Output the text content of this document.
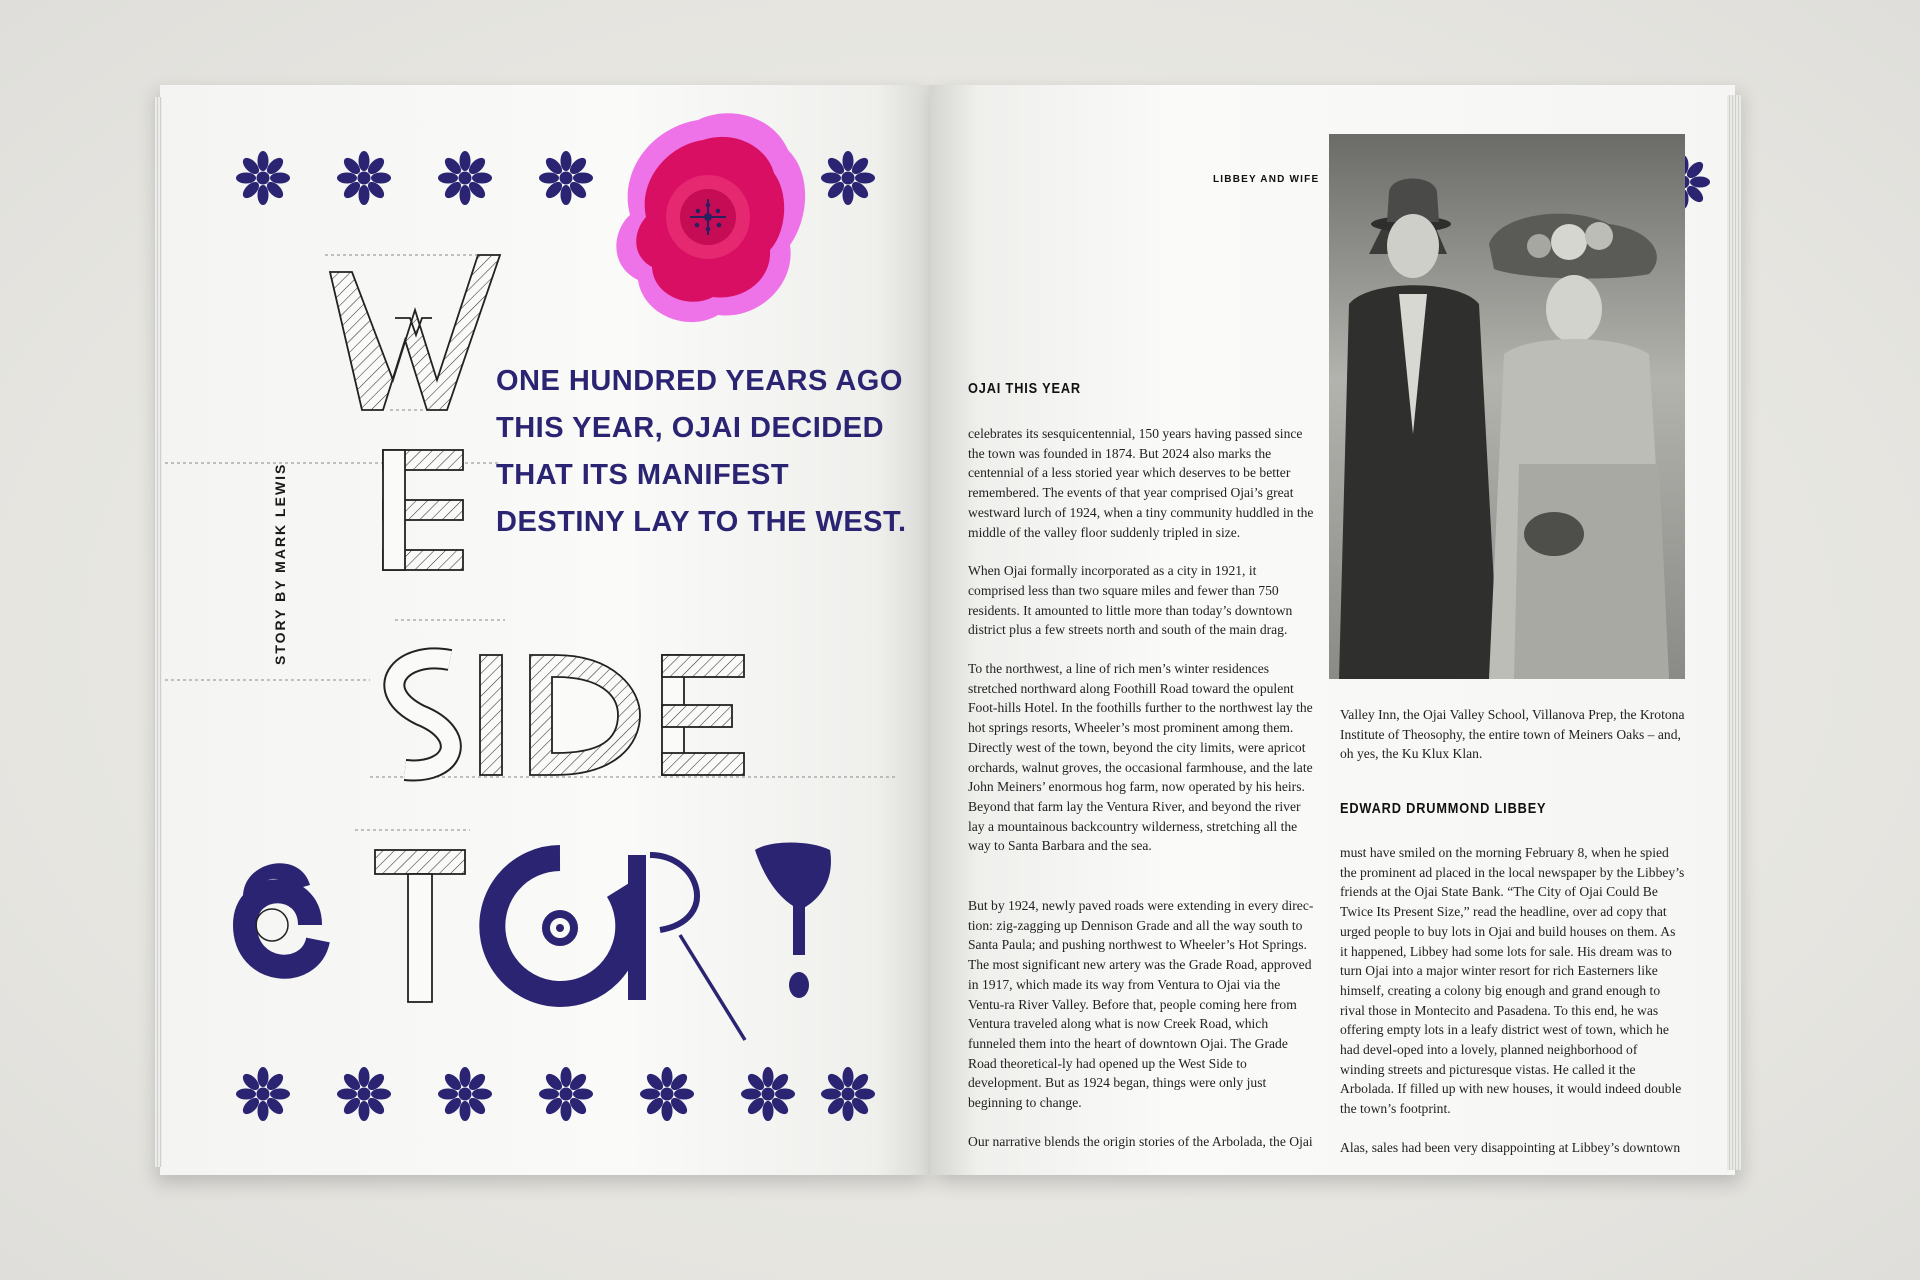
STORY BY MARK LEWIS
ONE HUNDRED YEARS AGO THIS YEAR, OJAI DECIDED THAT ITS MANIFEST DESTINY LAY TO THE WEST.
LIBBEY AND WIFE
OJAI THIS YEAR

celebrates its sesquicentennial, 150 years having passed since the town was founded in 1874. But 2024 also marks the centennial of a less storied year which deserves to be better remembered. The events of that year comprised Ojai’s great westward lurch of 1924, when a tiny community huddled in the middle of the valley floor suddenly tripled in size.

When Ojai formally incorporated as a city in 1921, it comprised less than two square miles and fewer than 750 residents. It amounted to little more than today’s downtown district plus a few streets north and south of the main drag.

To the northwest, a line of rich men’s winter residences stretched northward along Foothill Road toward the opulent Foot-hills Hotel. In the foothills further to the northwest lay the hot springs resorts, Wheeler’s most prominent among them. Directly west of the town, beyond the city limits, were apricot orchards, walnut groves, the occasional farmhouse, and the late John Meiners’ enormous hog farm, now operated by his heirs. Beyond that farm lay the Ventura River, and beyond the river lay a mountainous backcountry wilderness, stretching all the way to Santa Barbara and the sea.

But by 1924, newly paved roads were extending in every direc-tion: zig-zagging up Dennison Grade and all the way south to Santa Paula; and pushing northwest to Wheeler’s Hot Springs. The most significant new artery was the Grade Road, approved in 1917, which made its way from Ventura to Ojai via the Ventu-ra River Valley. Before that, people coming here from Ventura traveled along what is now Creek Road, which funneled them into the heart of downtown Ojai. The Grade Road theoretical-ly had opened up the West Side to development. But as 1924 began, things were only just beginning to change.

Our narrative blends the origin stories of the Arbolada, the Ojai

Valley Inn, the Ojai Valley School, Villanova Prep, the Krotona Institute of Theosophy, the entire town of Meiners Oaks – and, oh yes, the Ku Klux Klan.
EDWARD DRUMMOND LIBBEY

must have smiled on the morning February 8, when he spied the prominent ad placed in the local newspaper by the Libbey’s friends at the Ojai State Bank. “The City of Ojai Could Be Twice Its Present Size,” read the headline, over ad copy that urged people to buy lots in Ojai and build houses on them. As it happened, Libbey had some lots for sale. His dream was to turn Ojai into a major winter resort for rich Easterners like himself, creating a colony big enough and grand enough to rival those in Montecito and Pasadena. To this end, he was offering empty lots in a leafy district west of town, which he had devel-oped into a lovely, planned neighborhood of winding streets and picturesque vistas. He called it the Arbolada. If filled up with new houses, it would indeed double the town’s footprint.

Alas, sales had been very disappointing at Libbey’s downtown
